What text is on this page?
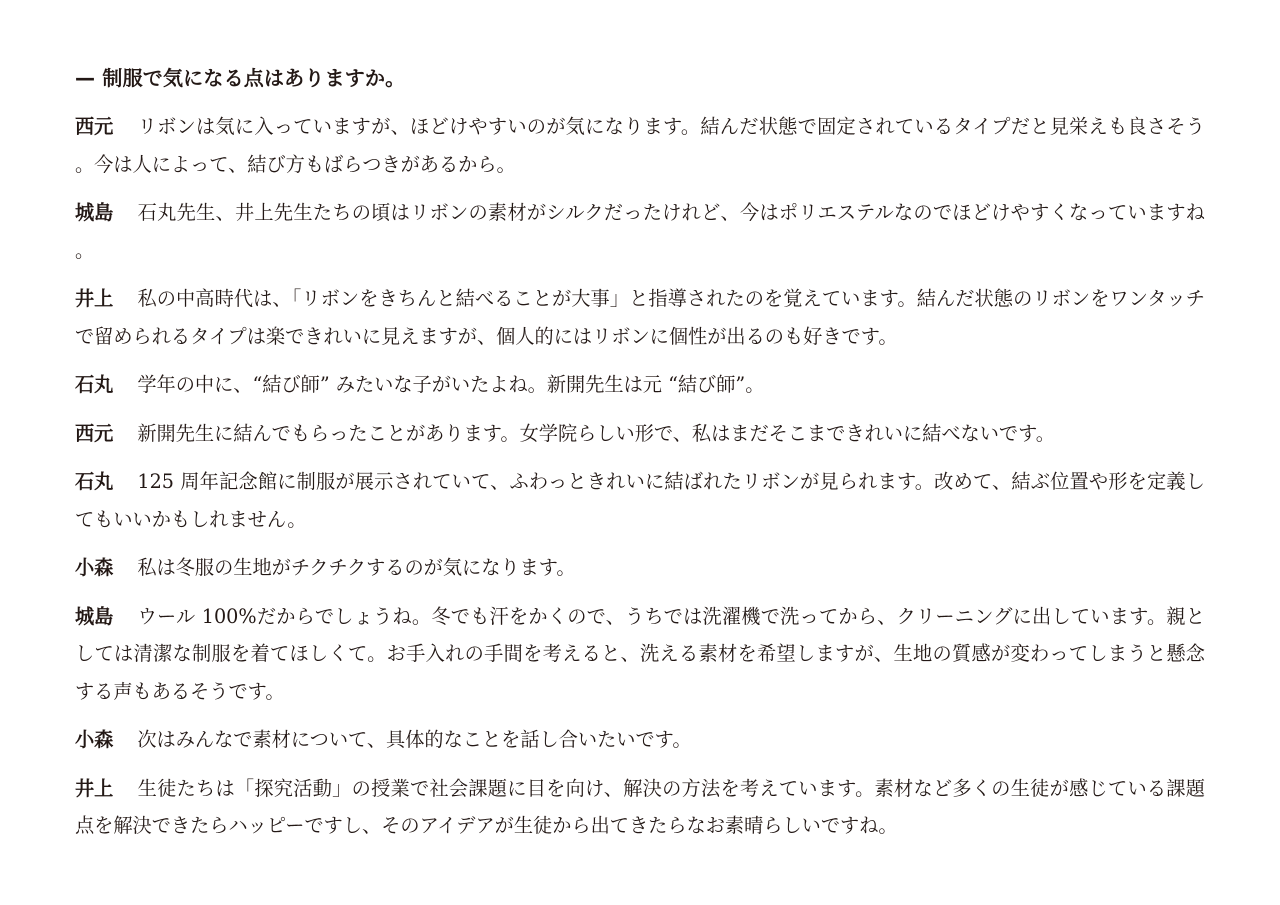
— 制服で気になる点はありますか。

西元 リボンは気に入っていますが、ほどけやすいのが気になります。結んだ状態で固定されているタイプだと見栄えも良さそう。今は人によって、結び方もばらつきがあるから。

城島 石丸先生、井上先生たちの頃はリボンの素材がシルクだったけれど、今はポリエステルなのでほどけやすくなっていますね。

井上 私の中高時代は、「リボンをきちんと結べることが大事」と指導されたのを覚えています。結んだ状態のリボンをワンタッチで留められるタイプは楽できれいに見えますが、個人的にはリボンに個性が出るのも好きです。

石丸 学年の中に、“結び師” みたいな子がいたよね。新開先生は元 “結び師”。

西元 新開先生に結んでもらったことがあります。女学院らしい形で、私はまだそこまできれいに結べないです。

石丸 125 周年記念館に制服が展示されていて、ふわっときれいに結ばれたリボンが見られます。改めて、結ぶ位置や形を定義してもいいかもしれません。

小森 私は冬服の生地がチクチクするのが気になります。

城島 ウール 100%だからでしょうね。冬でも汗をかくので、うちでは洗濯機で洗ってから、クリーニングに出しています。親としては清潔な制服を着てほしくて。お手入れの手間を考えると、洗える素材を希望しますが、生地の質感が変わってしまうと懸念する声もあるそうです。

小森 次はみんなで素材について、具体的なことを話し合いたいです。

井上 生徒たちは「探究活動」の授業で社会課題に目を向け、解決の方法を考えています。素材など多くの生徒が感じている課題点を解決できたらハッピーですし、そのアイデアが生徒から出てきたらなお素晴らしいですね。
